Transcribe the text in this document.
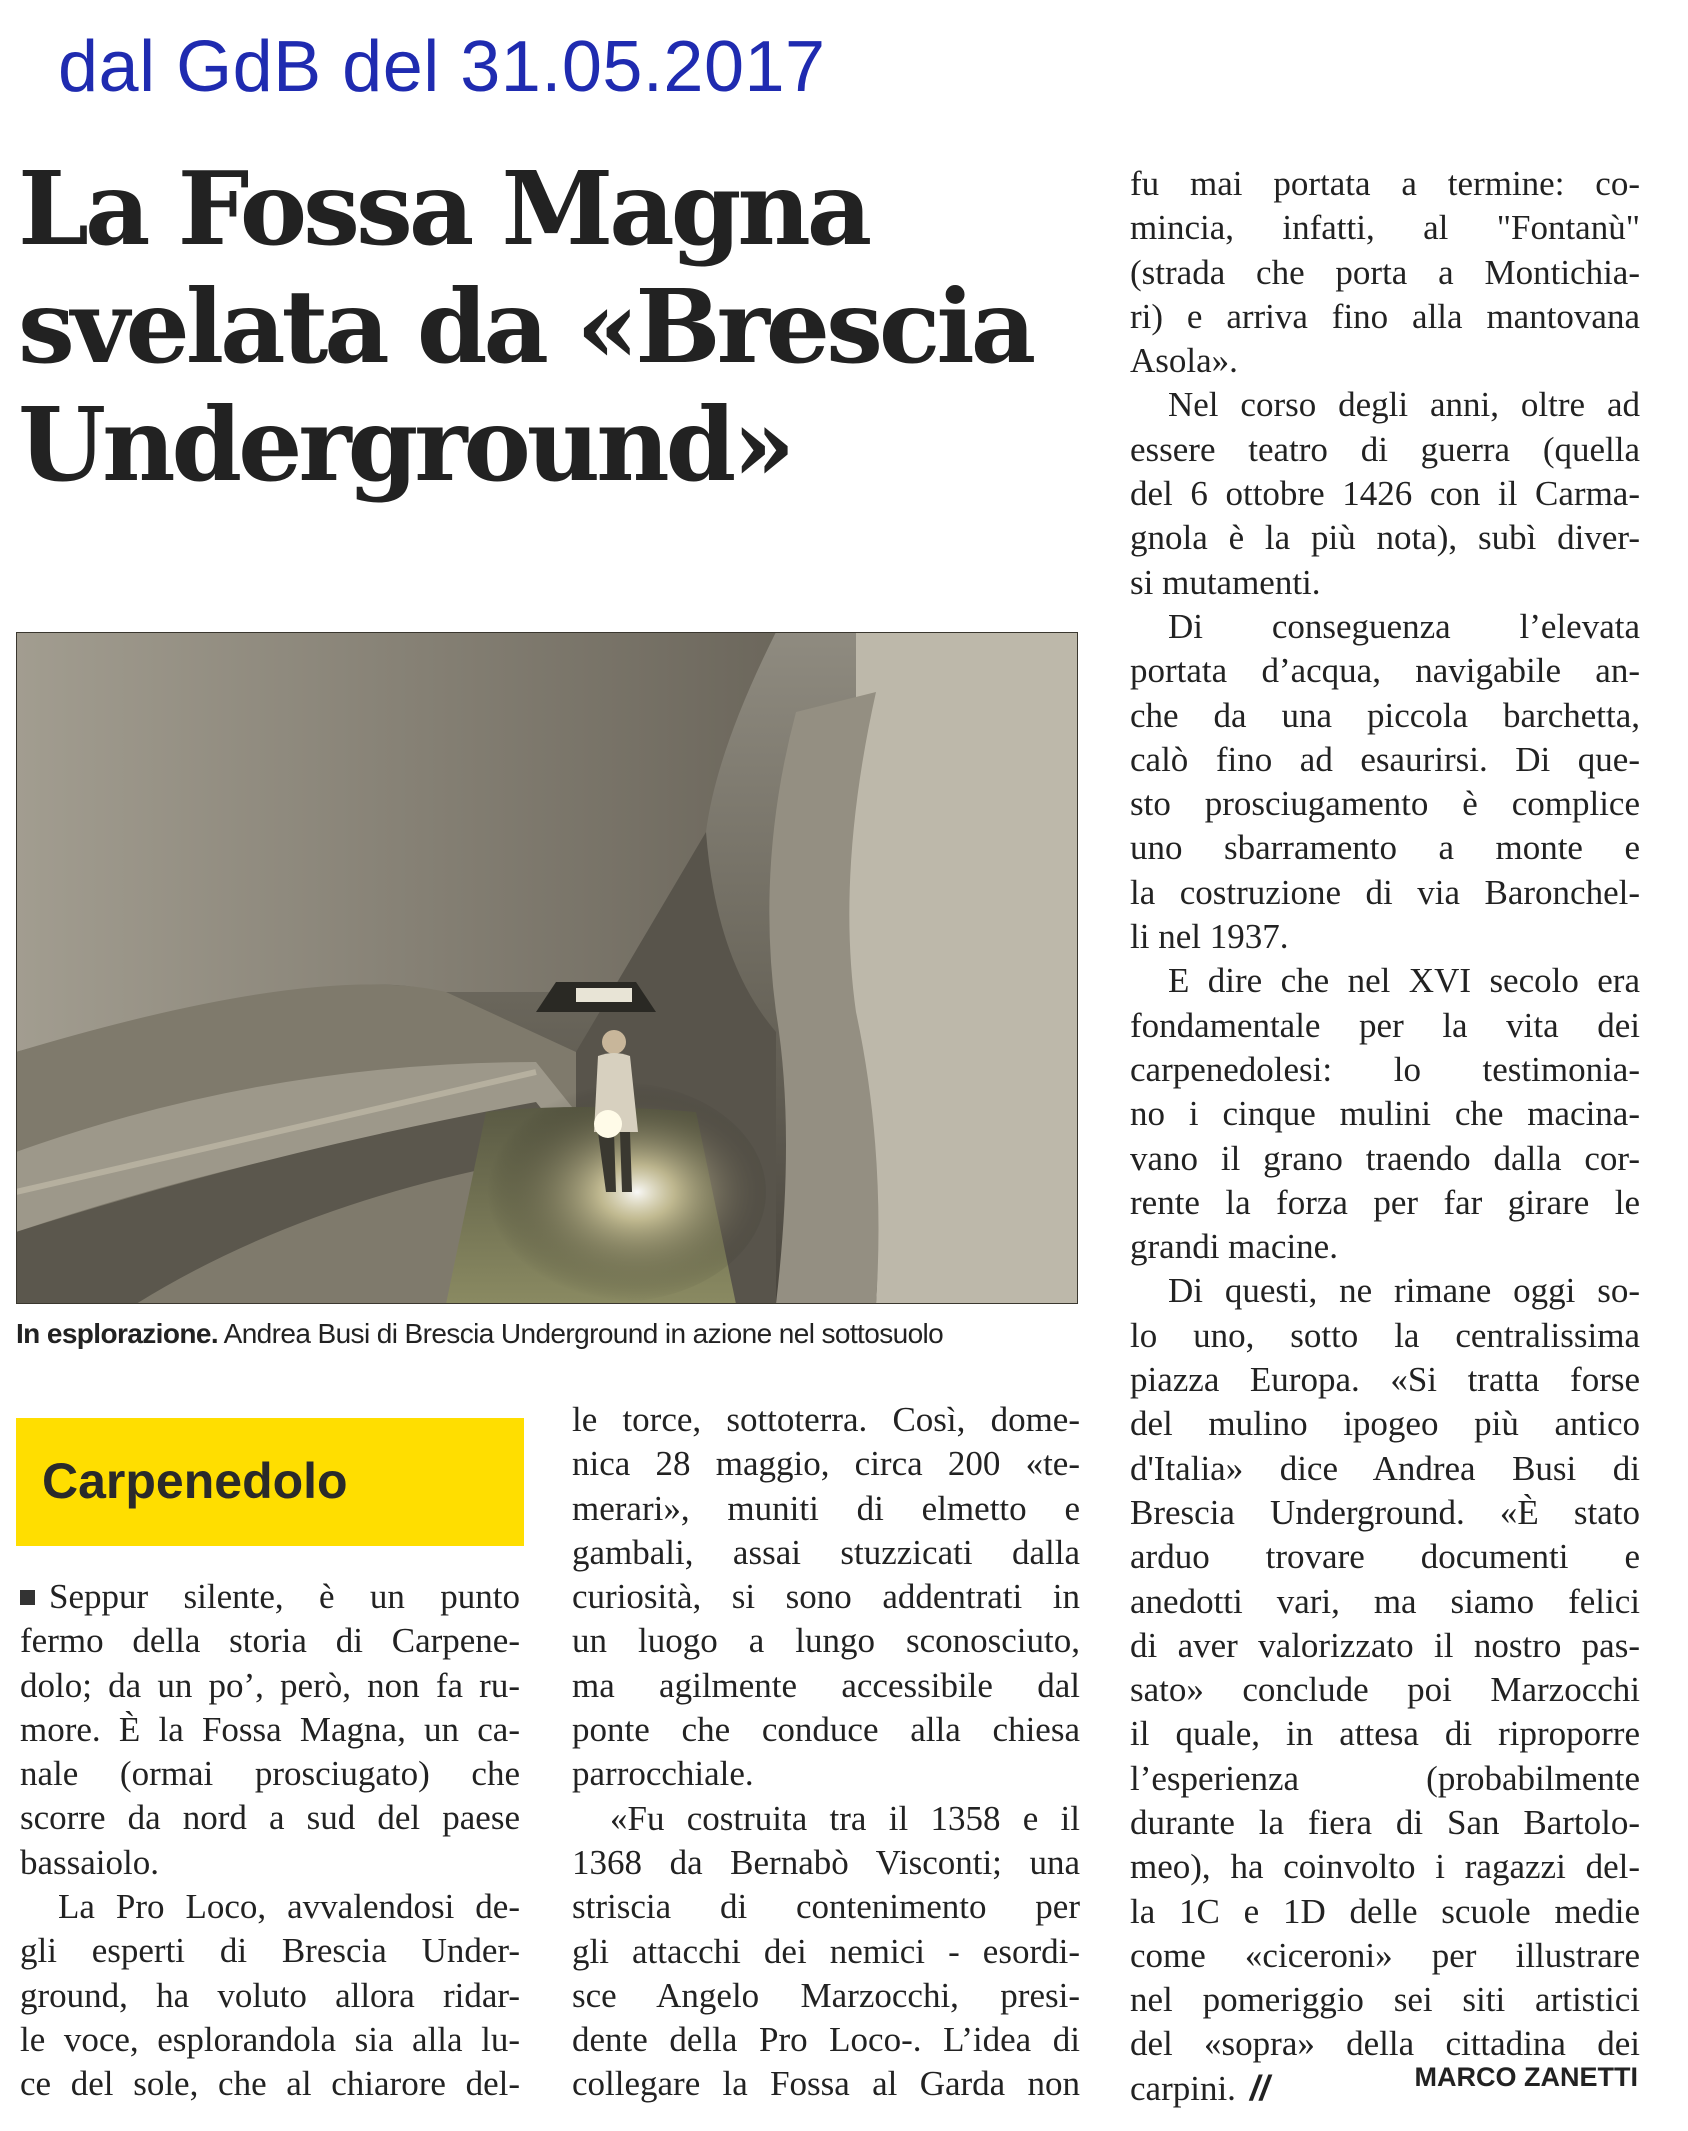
dal GdB del 31.05.2017
La Fossa Magna
svelata da «Brescia
Underground»
In esplorazione. Andrea Busi di Brescia Underground in azione nel sottosuolo
Carpenedolo
Seppur silente, è un punto
fermo della storia di Carpene-
dolo; da un po’, però, non fa ru-
more. È la Fossa Magna, un ca-
nale (ormai prosciugato) che
scorre da nord a sud del paese
bassaiolo.
La Pro Loco, avvalendosi de-
gli esperti di Brescia Under-
ground, ha voluto allora ridar-
le voce, esplorandola sia alla lu-
ce del sole, che al chiarore del-
le torce, sottoterra. Così, dome-
nica 28 maggio, circa 200 «te-
merari», muniti di elmetto e
gambali, assai stuzzicati dalla
curiosità, si sono addentrati in
un luogo a lungo sconosciuto,
ma agilmente accessibile dal
ponte che conduce alla chiesa
parrocchiale.
«Fu costruita tra il 1358 e il
1368 da Bernabò Visconti; una
striscia di contenimento per
gli attacchi dei nemici - esordi-
sce Angelo Marzocchi, presi-
dente della Pro Loco-. L’idea di
collegare la Fossa al Garda non
fu mai portata a termine: co-
mincia, infatti, al "Fontanù"
(strada che porta a Montichia-
ri) e arriva fino alla mantovana
Asola».
Nel corso degli anni, oltre ad
essere teatro di guerra (quella
del 6 ottobre 1426 con il Carma-
gnola è la più nota), subì diver-
si mutamenti.
Di conseguenza l’elevata
portata d’acqua, navigabile an-
che da una piccola barchetta,
calò fino ad esaurirsi. Di que-
sto prosciugamento è complice
uno sbarramento a monte e
la costruzione di via Baronchel-
li nel 1937.
E dire che nel XVI secolo era
fondamentale per la vita dei
carpenedolesi: lo testimonia-
no i cinque mulini che macina-
vano il grano traendo dalla cor-
rente la forza per far girare le
grandi macine.
Di questi, ne rimane oggi so-
lo uno, sotto la centralissima
piazza Europa. «Si tratta forse
del mulino ipogeo più antico
d'Italia» dice Andrea Busi di
Brescia Underground. «È stato
arduo trovare documenti e
anedotti vari, ma siamo felici
di aver valorizzato il nostro pas-
sato» conclude poi Marzocchi
il quale, in attesa di riproporre
l’esperienza (probabilmente
durante la fiera di San Bartolo-
meo), ha coinvolto i ragazzi del-
la 1C e 1D delle scuole medie
come «ciceroni» per illustrare
nel pomeriggio sei siti artistici
del «sopra» della cittadina dei
carpini. //	MARCO ZANETTI
